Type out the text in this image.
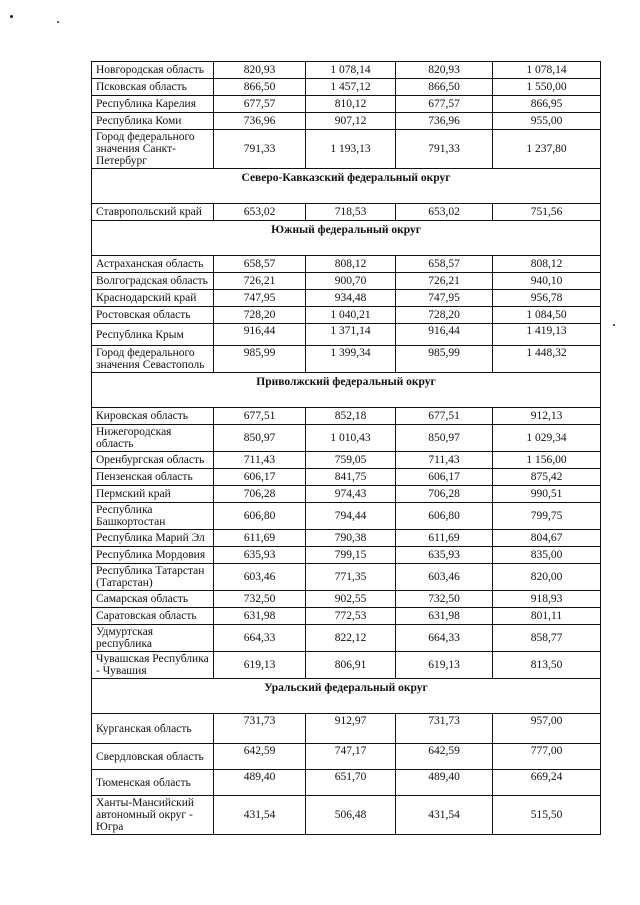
Новгородская область	820,93	1 078,14	820,93	1 078,14
Псковская область	866,50	1 457,12	866,50	1 550,00
Республика Карелия	677,57	810,12	677,57	866,95
Республика Коми	736,96	907,12	736,96	955,00
Город федерального значения Санкт-Петербург	791,33	1 193,13	791,33	1 237,80
Северо-Кавказский федеральный округ				
Ставропольский край	653,02	718,53	653,02	751,56
Южный федеральный округ				
Астраханская область	658,57	808,12	658,57	808,12
Волгоградская область	726,21	900,70	726,21	940,10
Краснодарский край	747,95	934,48	747,95	956,78
Ростовская область	728,20	1 040,21	728,20	1 084,50
Республика Крым	916,44	1 371,14	916,44	1 419,13
Город федерального значения Севастополь	985,99	1 399,34	985,99	1 448,32
Приволжский федеральный округ				
Кировская область	677,51	852,18	677,51	912,13
Нижегородская область	850,97	1 010,43	850,97	1 029,34
Оренбургская область	711,43	759,05	711,43	1 156,00
Пензенская область	606,17	841,75	606,17	875,42
Пермский край	706,28	974,43	706,28	990,51
Республика Башкортостан	606,80	794,44	606,80	799,75
Республика Марий Эл	611,69	790,38	611,69	804,67
Республика Мордовия	635,93	799,15	635,93	835,00
Республика Татарстан (Татарстан)	603,46	771,35	603,46	820,00
Самарская область	732,50	902,55	732,50	918,93
Саратовская область	631,98	772,53	631,98	801,11
Удмуртская республика	664,33	822,12	664,33	858,77
Чувашская Республика - Чувашия	619,13	806,91	619,13	813,50
Уральский федеральный округ				
Курганская область	731,73	912,97	731,73	957,00
Свердловская область	642,59	747,17	642,59	777,00
Тюменская область	489,40	651,70	489,40	669,24
Ханты-Мансийский автономный округ - Югра	431,54	506,48	431,54	515,50
